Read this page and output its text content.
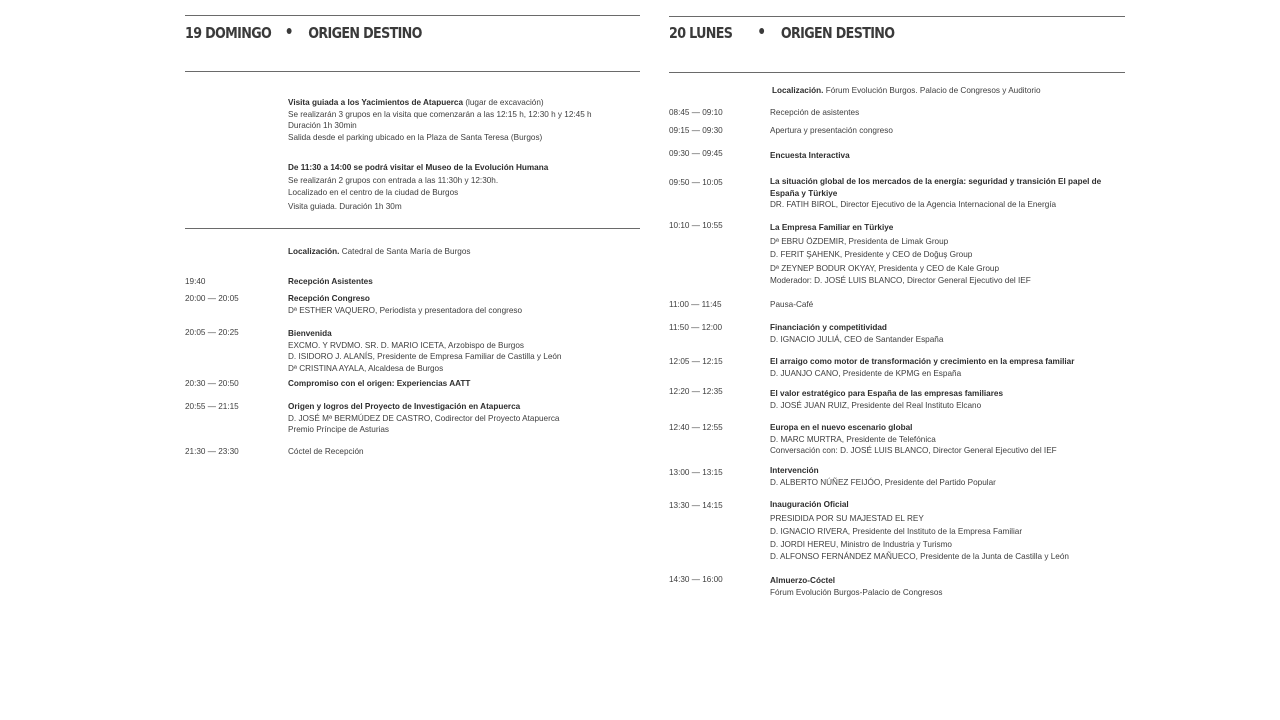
19 DOMINGO ORIGEN DESTINO
Visita guiada a los Yacimientos de Atapuerca (lugar de excavación)
Se realizarán 3 grupos en la visita que comenzarán a las 12:15 h, 12:30 h y 12:45 h
Duración 1h 30min
Salida desde el parking ubicado en la Plaza de Santa Teresa (Burgos)
De 11:30 a 14:00 se podrá visitar el Museo de la Evolución Humana
Se realizarán 2 grupos con entrada a las 11:30h y 12:30h.
Localizado en el centro de la ciudad de Burgos
Visita guiada. Duración 1h 30m
Localización. Catedral de Santa María de Burgos
19:40	Recepción Asistentes
20:00 — 20:05	Recepción Congreso
Dª ESTHER VAQUERO, Periodista y presentadora del congreso
20:05 — 20:25	Bienvenida
EXCMO. Y RVDMO. SR. D. MARIO ICETA, Arzobispo de Burgos
D. ISIDORO J. ALANÍS, Presidente de Empresa Familiar de Castilla y León
Dª CRISTINA AYALA, Alcaldesa de Burgos
20:30 — 20:50	Compromiso con el origen: Experiencias AATT
20:55 — 21:15	Origen y logros del Proyecto de Investigación en Atapuerca
D. JOSÉ Mª BERMÚDEZ DE CASTRO, Codirector del Proyecto Atapuerca
Premio Príncipe de Asturias
21:30 — 23:30	Cóctel de Recepción
20 LUNES	ORIGEN DESTINO
Localización. Fórum Evolución Burgos. Palacio de Congresos y Auditorio
08:45 — 09:10	Recepción de asistentes
09:15 — 09:30	Apertura y presentación congreso
09:30 — 09:45	Encuesta Interactiva
09:50 — 10:05	La situación global de los mercados de la energía: seguridad y transición El papel de
España y Türkiye
DR. FATIH BIROL, Director Ejecutivo de la Agencia Internacional de la Energía
10:10 — 10:55	La Empresa Familiar en Türkiye
Dª EBRU ÖZDEMIR, Presidenta de Limak Group
D. FERIT ŞAHENK, Presidente y CEO de Doğuş Group
Dª ZEYNEP BODUR OKYAY, Presidenta y CEO de Kale Group
Moderador: D. JOSÉ LUIS BLANCO, Director General Ejecutivo del IEF
11:00 — 11:45	Pausa-Café
11:50 — 12:00	Financiación y competitividad
D. IGNACIO JULIÁ, CEO de Santander España
12:05 — 12:15	El arraigo como motor de transformación y crecimiento en la empresa familiar
D. JUANJO CANO, Presidente de KPMG en España
12:20 — 12:35	El valor estratégico para España de las empresas familiares
D. JOSÉ JUAN RUIZ, Presidente del Real Instituto Elcano
12:40 — 12:55	Europa en el nuevo escenario global
D. MARC MURTRA, Presidente de Telefónica
Conversación con: D. JOSÉ LUIS BLANCO, Director General Ejecutivo del IEF
13:00 — 13:15	Intervención
D. ALBERTO NÚÑEZ FEIJÓO, Presidente del Partido Popular
13:30 — 14:15	Inauguración Oficial
PRESIDIDA POR SU MAJESTAD EL REY
D. IGNACIO RIVERA, Presidente del Instituto de la Empresa Familiar
D. JORDI HEREU, Ministro de Industria y Turismo
D. ALFONSO FERNÁNDEZ MAÑUECO, Presidente de la Junta de Castilla y León
14:30 — 16:00	Almuerzo-Cóctel
Fórum Evolución Burgos-Palacio de Congresos
